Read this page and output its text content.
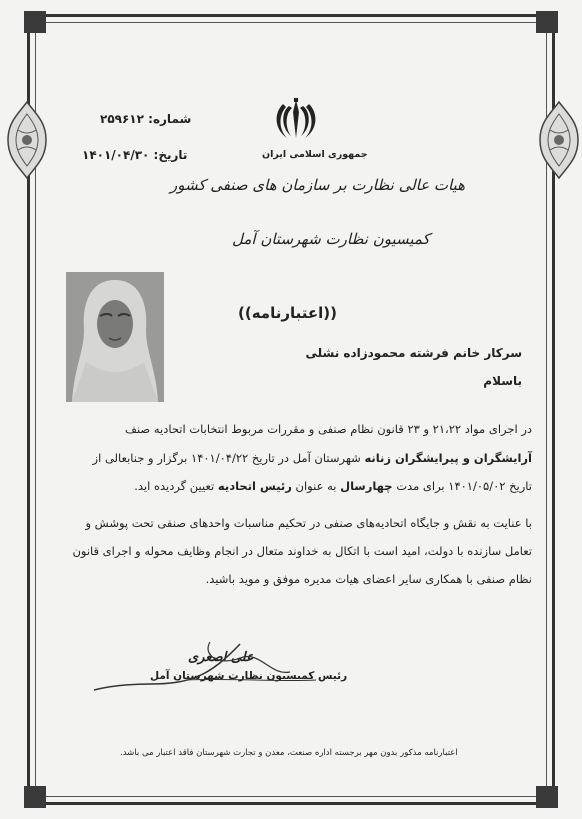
شماره: ۲۵۹۶۱۲
تاریخ: ۱۴۰۱/۰۴/۳۰	جمهوری اسلامی ایران
هیات عالی نظارت بر سازمان های صنفی کشور
کمیسیون نظارت شهرستان آمل
((اعتبارنامه))
سرکار خانم فرشته محمودزاده نشلی
باسلام
در اجرای مواد ۲۱،۲۲ و ۲۳ قانون نظام صنفی و مقررات مربوط انتخابات اتحادیه صنف
آرایشگران و پیرایشگران زنانه شهرستان آمل در تاریخ ۱۴۰۱/۰۴/۲۲ برگزار و جنابعالی از
تاریخ ۱۴۰۱/۰۵/۰۲ برای مدت چهارسال به عنوان رئیس اتحادیه تعیین گردیده اید.
با عنایت به نقش و جایگاه اتحادیه‌های صنفی در تحکیم مناسبات واحدهای صنفی تحت پوشش و
تعامل سازنده با دولت، امید است با اتکال به خداوند متعال در انجام وظایف محوله و اجرای قانون
نظام صنفی با همکاری سایر اعضای هیات مدیره موفق و موید باشید.
علی اصغری
رئیس کمیسیون نظارت شهرستان آمل
اعتبارنامه مذکور بدون مهر برجسته اداره صنعت، معدن و تجارت شهرستان فاقد اعتبار می باشد.
